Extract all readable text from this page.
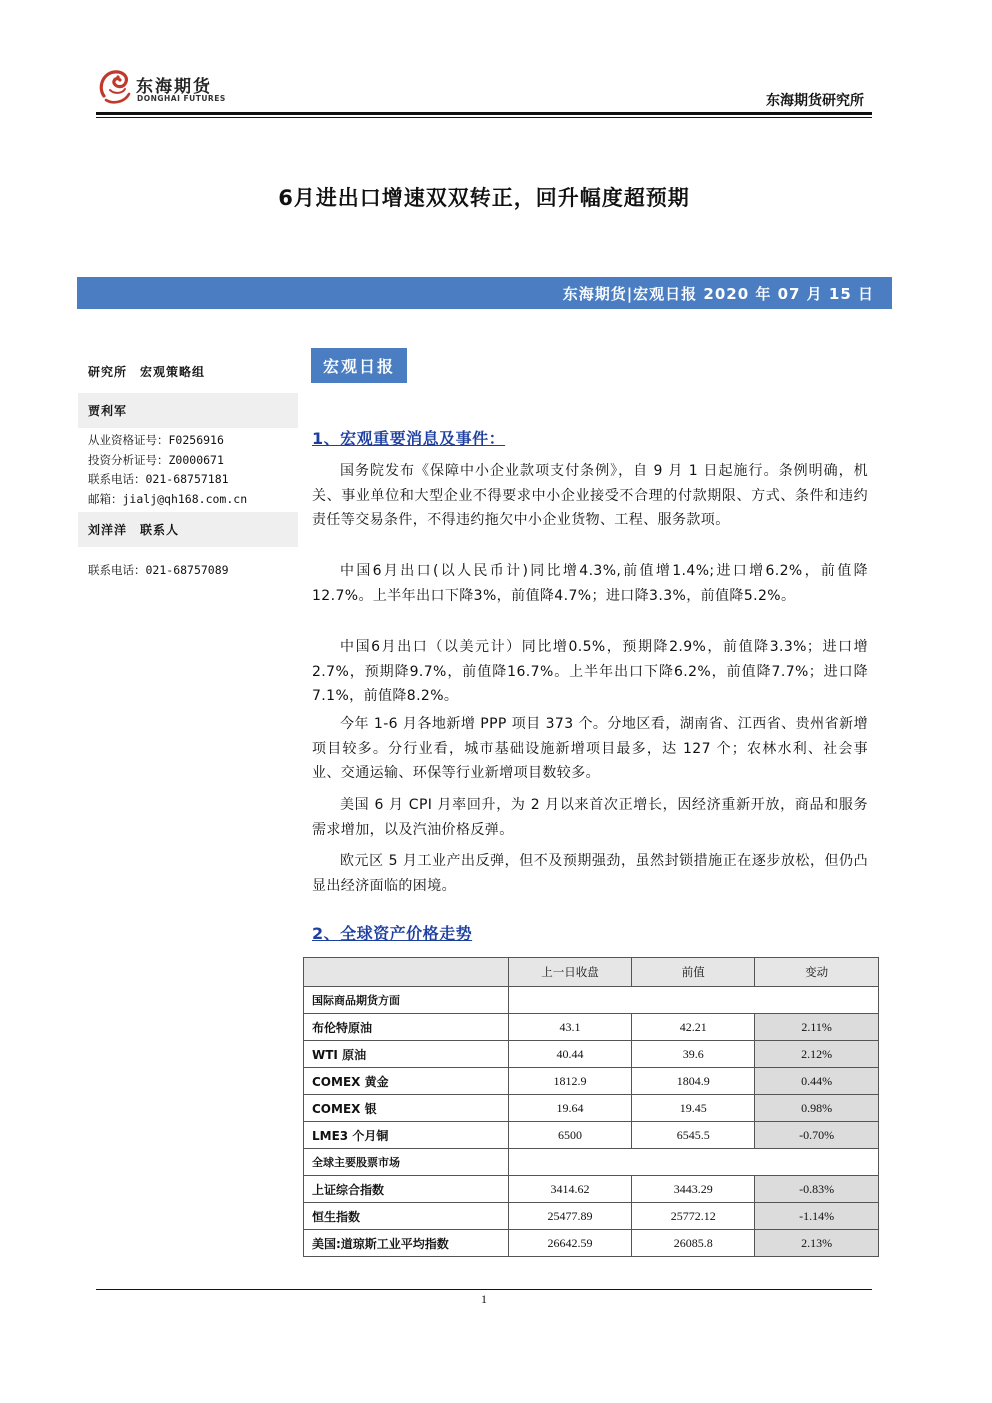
东海期货
DONGHAI FUTURES	东海期货研究所
6月进出口增速双双转正，回升幅度超预期
东海期货|宏观日报 2020 年 07 月 15 日
研究所　宏观策略组
贾利军
从业资格证号：F0256916
投资分析证号：Z0000671
联系电话：021-68757181
邮箱：jialj@qh168.com.cn
刘洋洋　联系人
联系电话：021-68757089
宏观日报
1、宏观重要消息及事件：
国务院发布《保障中小企业款项支付条例》，自 9 月 1 日起施行。条例明确，机关、事业单位和大型企业不得要求中小企业接受不合理的付款期限、方式、条件和违约责任等交易条件，不得违约拖欠中小企业货物、工程、服务款项。
中国6月出口(以人民币计)同比增4.3%,前值增1.4%;进口增6.2%，前值降12.7%。上半年出口下降3%，前值降4.7%；进口降3.3%，前值降5.2%。
中国6月出口（以美元计）同比增0.5%，预期降2.9%，前值降3.3%；进口增2.7%，预期降9.7%，前值降16.7%。上半年出口下降6.2%，前值降7.7%；进口降7.1%，前值降8.2%。
今年 1-6 月各地新增 PPP 项目 373 个。分地区看，湖南省、江西省、贵州省新增项目较多。分行业看，城市基础设施新增项目最多，达 127 个；农林水利、社会事业、交通运输、环保等行业新增项目数较多。
美国 6 月 CPI 月率回升，为 2 月以来首次正增长，因经济重新开放，商品和服务需求增加，以及汽油价格反弹。
欧元区 5 月工业产出反弹，但不及预期强劲，虽然封锁措施正在逐步放松，但仍凸显出经济面临的困境。
2、全球资产价格走势
	上一日收盘	前值	变动
国际商品期货方面			
布伦特原油	43.1	42.21	2.11%
WTI 原油	40.44	39.6	2.12%
COMEX 黄金	1812.9	1804.9	0.44%
COMEX 银	19.64	19.45	0.98%
LME3 个月铜	6500	6545.5	-0.70%
全球主要股票市场			
上证综合指数	3414.62	3443.29	-0.83%
恒生指数	25477.89	25772.12	-1.14%
美国:道琼斯工业平均指数	26642.59	26085.8	2.13%
1
